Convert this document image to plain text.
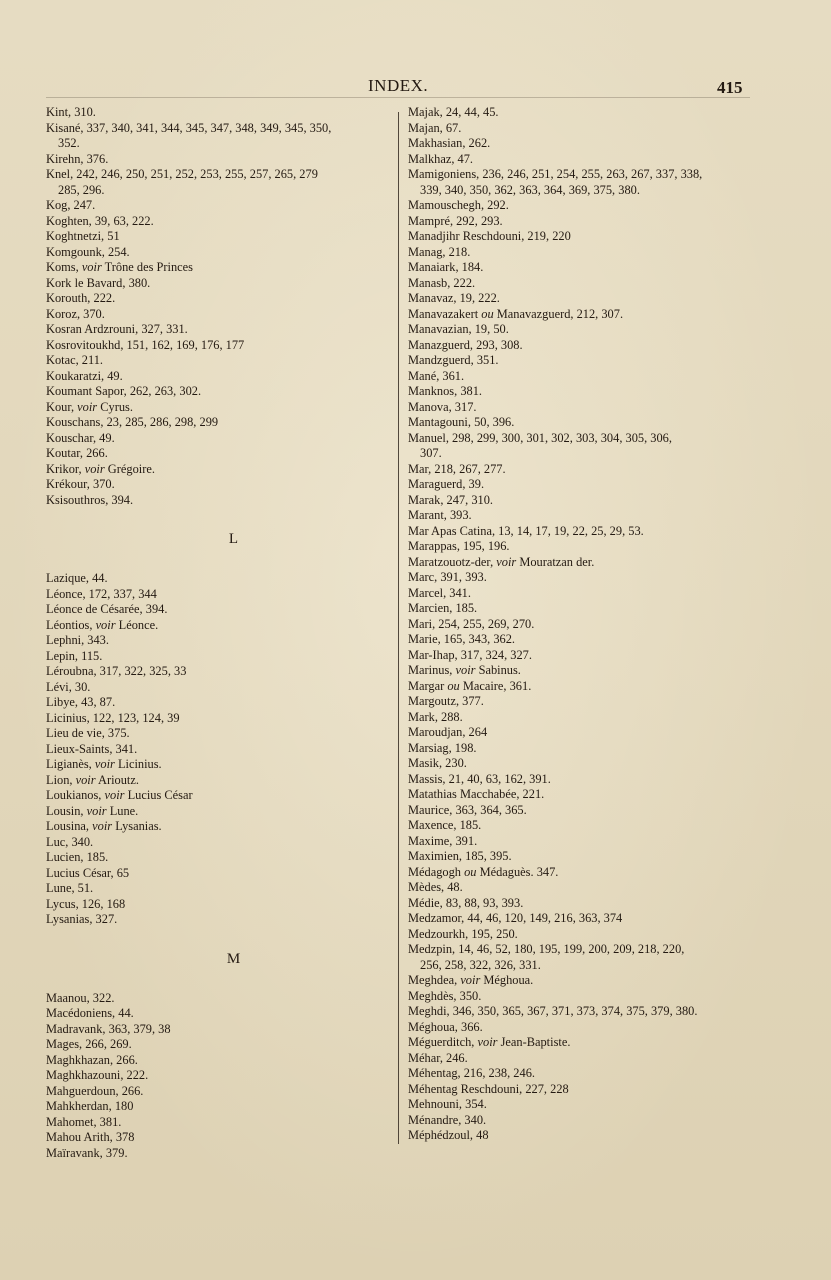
INDEX.	415
Kint, 310.
Kisané, 337, 340, 341, 344, 345, 347, 348, 349, 345, 350,
352.
Kirehn, 376.
Knel, 242, 246, 250, 251, 252, 253, 255, 257, 265, 279
285, 296.
Kog, 247.
Koghten, 39, 63, 222.
Koghtnetzi, 51
Komgounk, 254.
Koms, voir Trône des Princes
Kork le Bavard, 380.
Korouth, 222.
Koroz, 370.
Kosran Ardzrouni, 327, 331.
Kosrovitoukhd, 151, 162, 169, 176, 177
Kotac, 211.
Koukaratzi, 49.
Koumant Sapor, 262, 263, 302.
Kour, voir Cyrus.
Kouschans, 23, 285, 286, 298, 299
Kouschar, 49.
Koutar, 266.
Krikor, voir Grégoire.
Krékour, 370.
Ksisouthros, 394.
L
Lazique, 44.
Léonce, 172, 337, 344
Léonce de Césarée, 394.
Léontios, voir Léonce.
Lephni, 343.
Lepin, 115.
Léroubna, 317, 322, 325, 33
Lévi, 30.
Libye, 43, 87.
Licinius, 122, 123, 124, 39
Lieu de vie, 375.
Lieux-Saints, 341.
Ligianès, voir Licinius.
Lion, voir Arioutz.
Loukianos, voir Lucius César
Lousin, voir Lune.
Lousina, voir Lysanias.
Luc, 340.
Lucien, 185.
Lucius César, 65
Lune, 51.
Lycus, 126, 168
Lysanias, 327.
M
Maanou, 322.
Macédoniens, 44.
Madravank, 363, 379, 38
Mages, 266, 269.
Maghkhazan, 266.
Maghkhazouni, 222.
Mahguerdoun, 266.
Mahkherdan, 180
Mahomet, 381.
Mahou Arith, 378
Maïravank, 379.
Majak, 24, 44, 45.
Majan, 67.
Makhasian, 262.
Malkhaz, 47.
Mamigoniens, 236, 246, 251, 254, 255, 263, 267, 337, 338,
339, 340, 350, 362, 363, 364, 369, 375, 380.
Mamouschegh, 292.
Mampré, 292, 293.
Manadjihr Reschdouni, 219, 220
Manag, 218.
Manaiark, 184.
Manasb, 222.
Manavaz, 19, 222.
Manavazakert ou Manavazguerd, 212, 307.
Manavazian, 19, 50.
Manazguerd, 293, 308.
Mandzguerd, 351.
Mané, 361.
Manknos, 381.
Manova, 317.
Mantagouni, 50, 396.
Manuel, 298, 299, 300, 301, 302, 303, 304, 305, 306,
307.
Mar, 218, 267, 277.
Maraguerd, 39.
Marak, 247, 310.
Marant, 393.
Mar Apas Catina, 13, 14, 17, 19, 22, 25, 29, 53.
Marappas, 195, 196.
Maratzouotz-der, voir Mouratzan der.
Marc, 391, 393.
Marcel, 341.
Marcien, 185.
Mari, 254, 255, 269, 270.
Marie, 165, 343, 362.
Mar-Ihap, 317, 324, 327.
Marinus, voir Sabinus.
Margar ou Macaire, 361.
Margoutz, 377.
Mark, 288.
Maroudjan, 264
Marsiag, 198.
Masik, 230.
Massis, 21, 40, 63, 162, 391.
Matathias Macchabée, 221.
Maurice, 363, 364, 365.
Maxence, 185.
Maxime, 391.
Maximien, 185, 395.
Médagogh ou Médaguès. 347.
Mèdes, 48.
Médie, 83, 88, 93, 393.
Medzamor, 44, 46, 120, 149, 216, 363, 374
Medzourkh, 195, 250.
Medzpin, 14, 46, 52, 180, 195, 199, 200, 209, 218, 220,
256, 258, 322, 326, 331.
Meghdea, voir Méghoua.
Meghdès, 350.
Meghdi, 346, 350, 365, 367, 371, 373, 374, 375, 379, 380.
Méghoua, 366.
Méguerditch, voir Jean-Baptiste.
Méhar, 246.
Méhentag, 216, 238, 246.
Méhentag Reschdouni, 227, 228
Mehnouni, 354.
Ménandre, 340.
Méphédzoul, 48
